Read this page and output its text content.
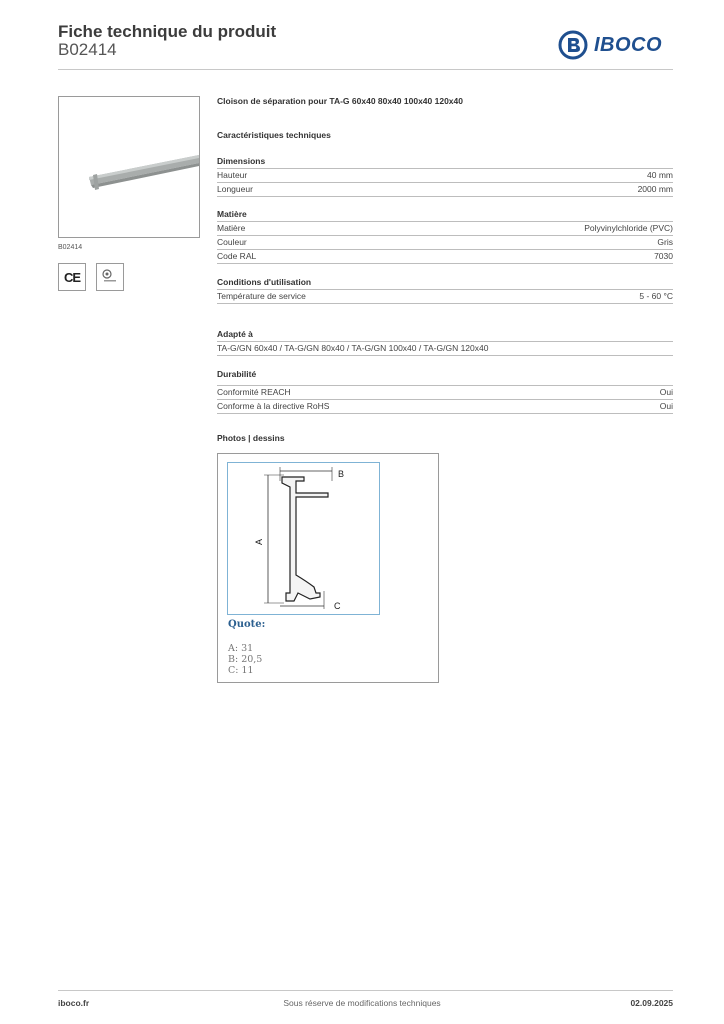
Fiche technique du produit
B02414	IBOCO
B02414
CE
Cloison de séparation pour TA-G 60x40 80x40 100x40 120x40
Caractéristiques techniques
Dimensions
Hauteur	40 mm
Longueur	2000 mm
Matière
Matière	Polyvinylchloride (PVC)
Couleur	Gris
Code RAL	7030
Conditions d'utilisation
Température de service	5 - 60 °C
Adapté à
TA-G/GN 60x40 / TA-G/GN 80x40 / TA-G/GN 100x40 / TA-G/GN 120x40
Durabilité
Conformité REACH	Oui
Conforme à la directive RoHS	Oui
Photos | dessins
B
A
C
Quote:
A: 31
B: 20,5
C: 11
iboco.fr	Sous réserve de modifications techniques	02.09.2025
